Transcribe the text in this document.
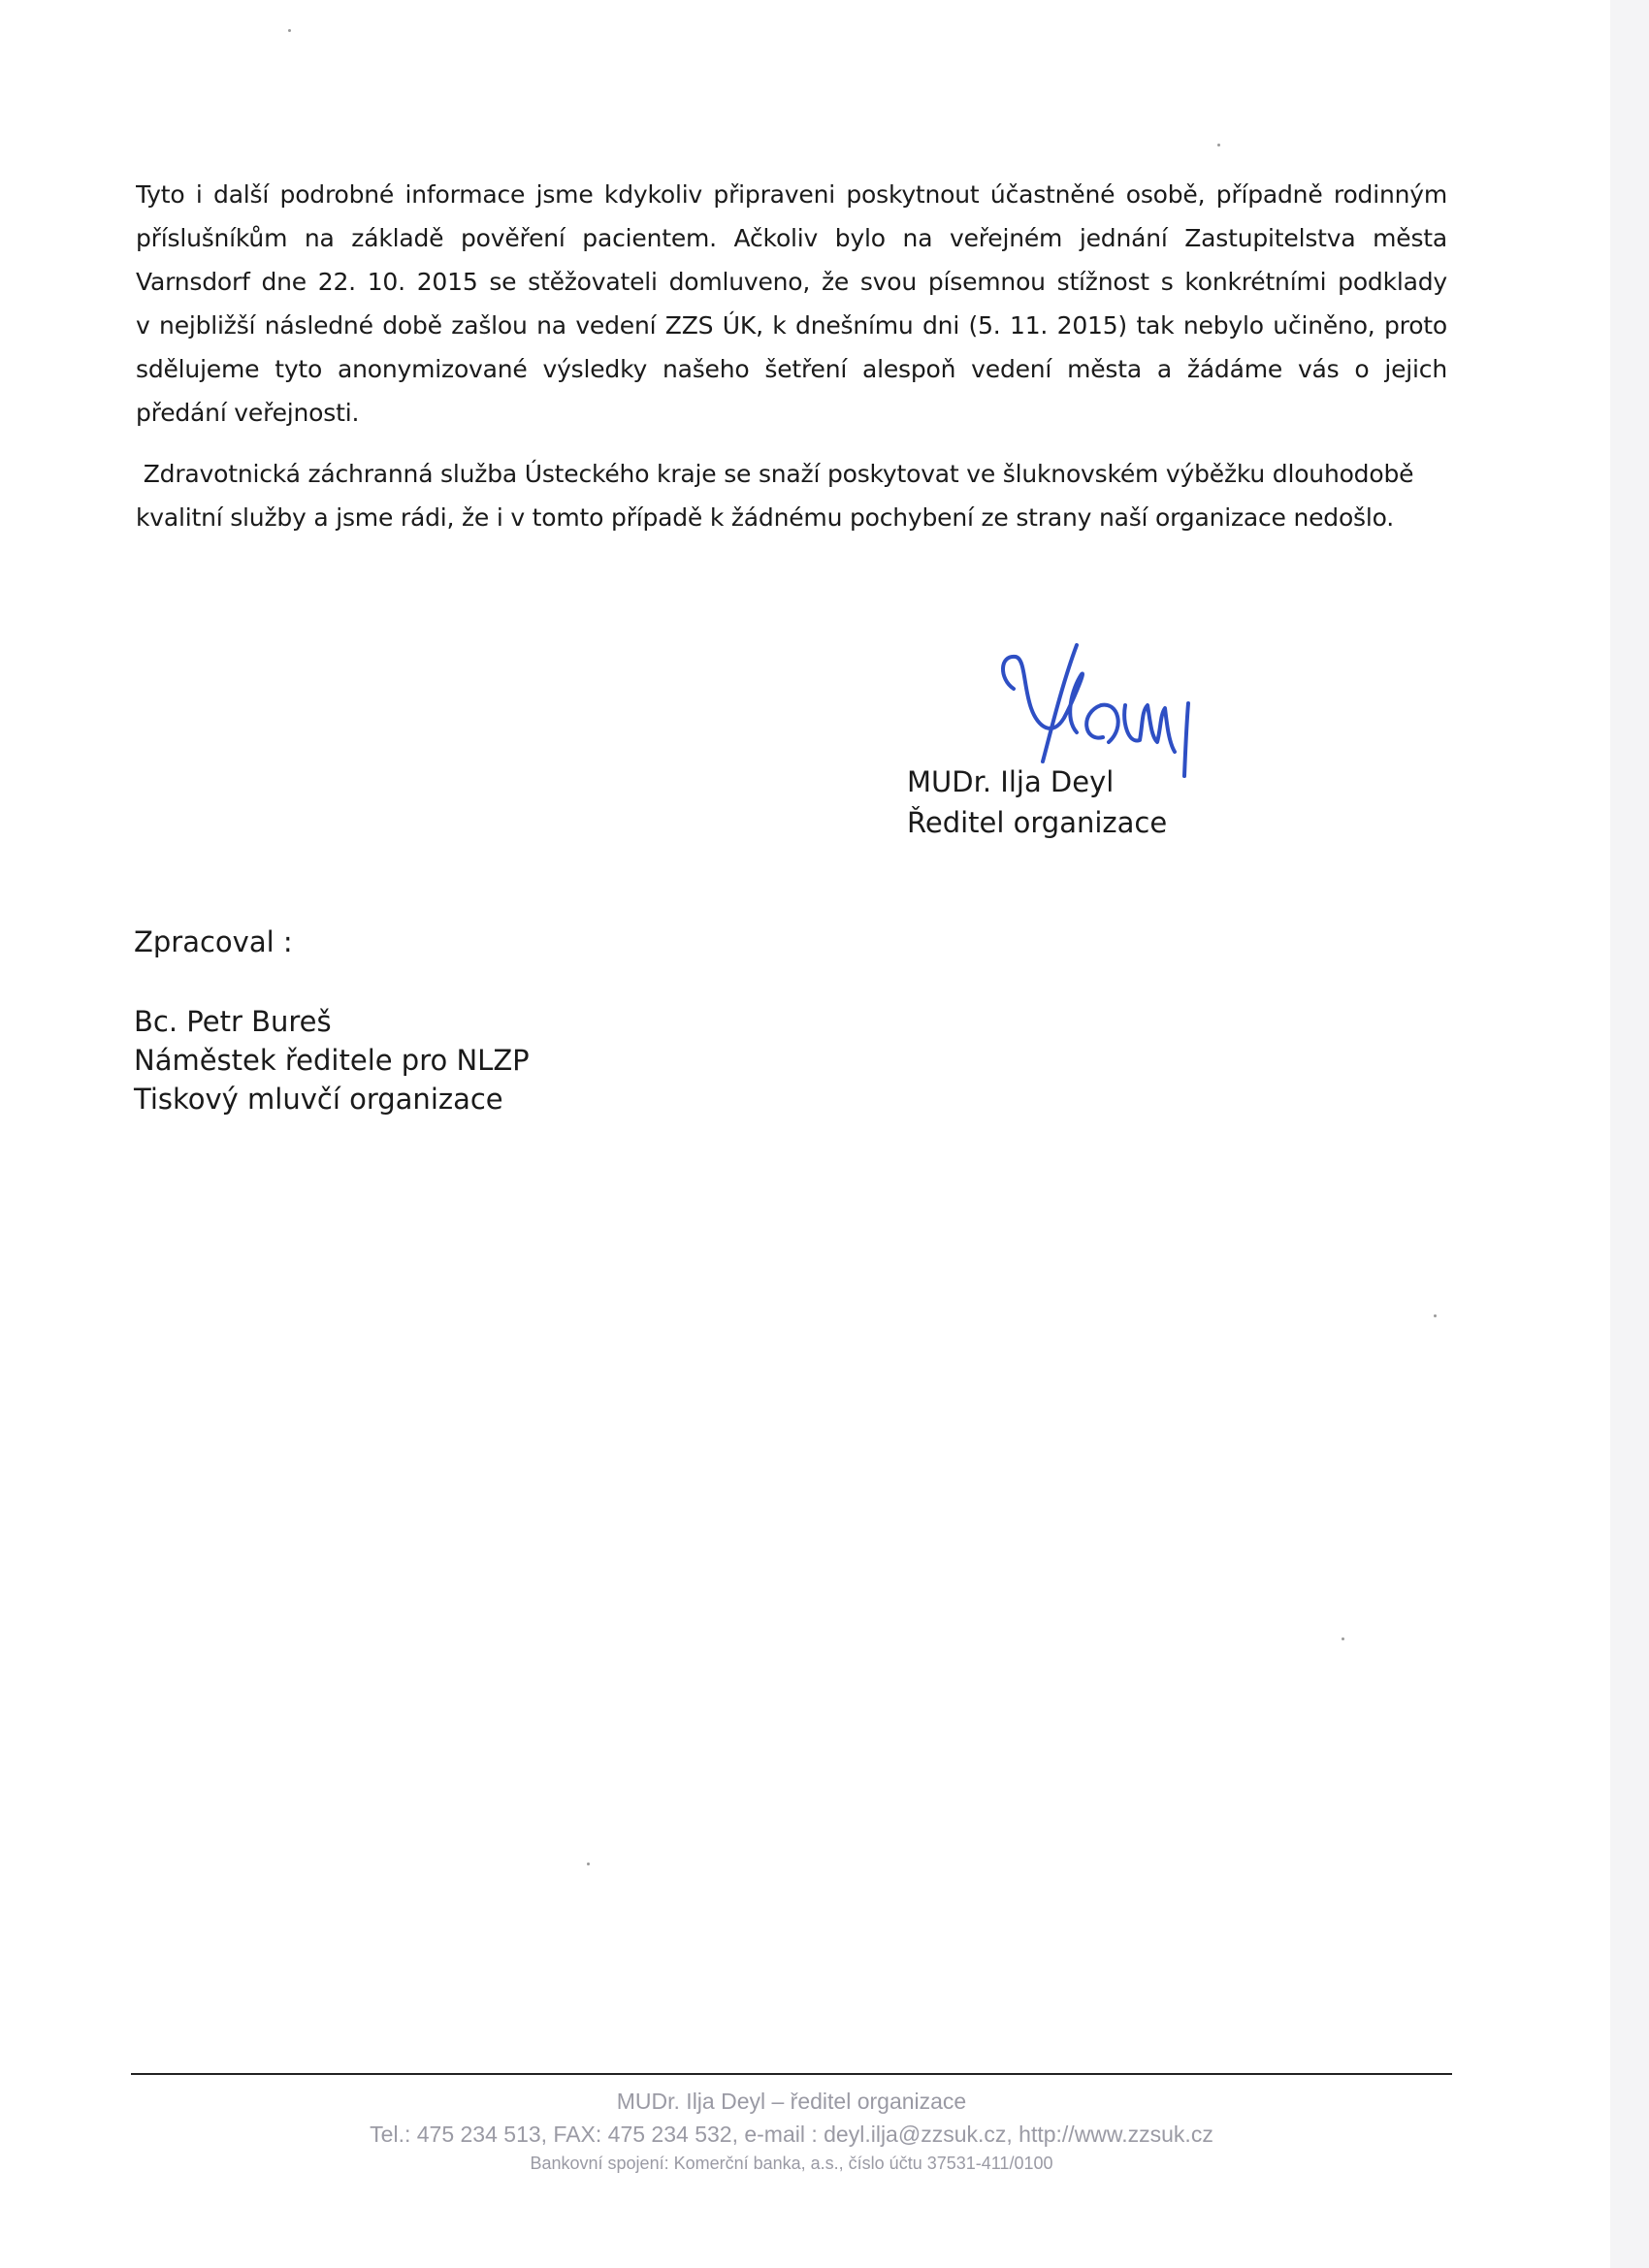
Tyto i další podrobné informace jsme kdykoliv připraveni poskytnout účastněné osobě, případně rodinným
příslušníkům na základě pověření pacientem. Ačkoliv bylo na veřejném jednání Zastupitelstva města
Varnsdorf dne 22. 10. 2015 se stěžovateli domluveno, že svou písemnou stížnost s konkrétními podklady
v nejbližší následné době zašlou na vedení ZZS ÚK, k dnešnímu dni (5. 11. 2015) tak nebylo učiněno, proto
sdělujeme tyto anonymizované výsledky našeho šetření alespoň vedení města a žádáme vás o jejich
předání veřejnosti.
Zdravotnická záchranná služba Ústeckého kraje se snaží poskytovat ve šluknovském výběžku dlouhodobě
kvalitní služby a jsme rádi, že i v tomto případě k žádnému pochybení ze strany naší organizace nedošlo.
MUDr. Ilja Deyl
Ředitel organizace
Zpracoval :
Bc. Petr Bureš
Náměstek ředitele pro NLZP
Tiskový mluvčí organizace
MUDr. Ilja Deyl – ředitel organizace
Tel.: 475 234 513, FAX: 475 234 532, e-mail : deyl.ilja@zzsuk.cz, http://www.zzsuk.cz
Bankovní spojení: Komerční banka, a.s., číslo účtu 37531-411/0100
